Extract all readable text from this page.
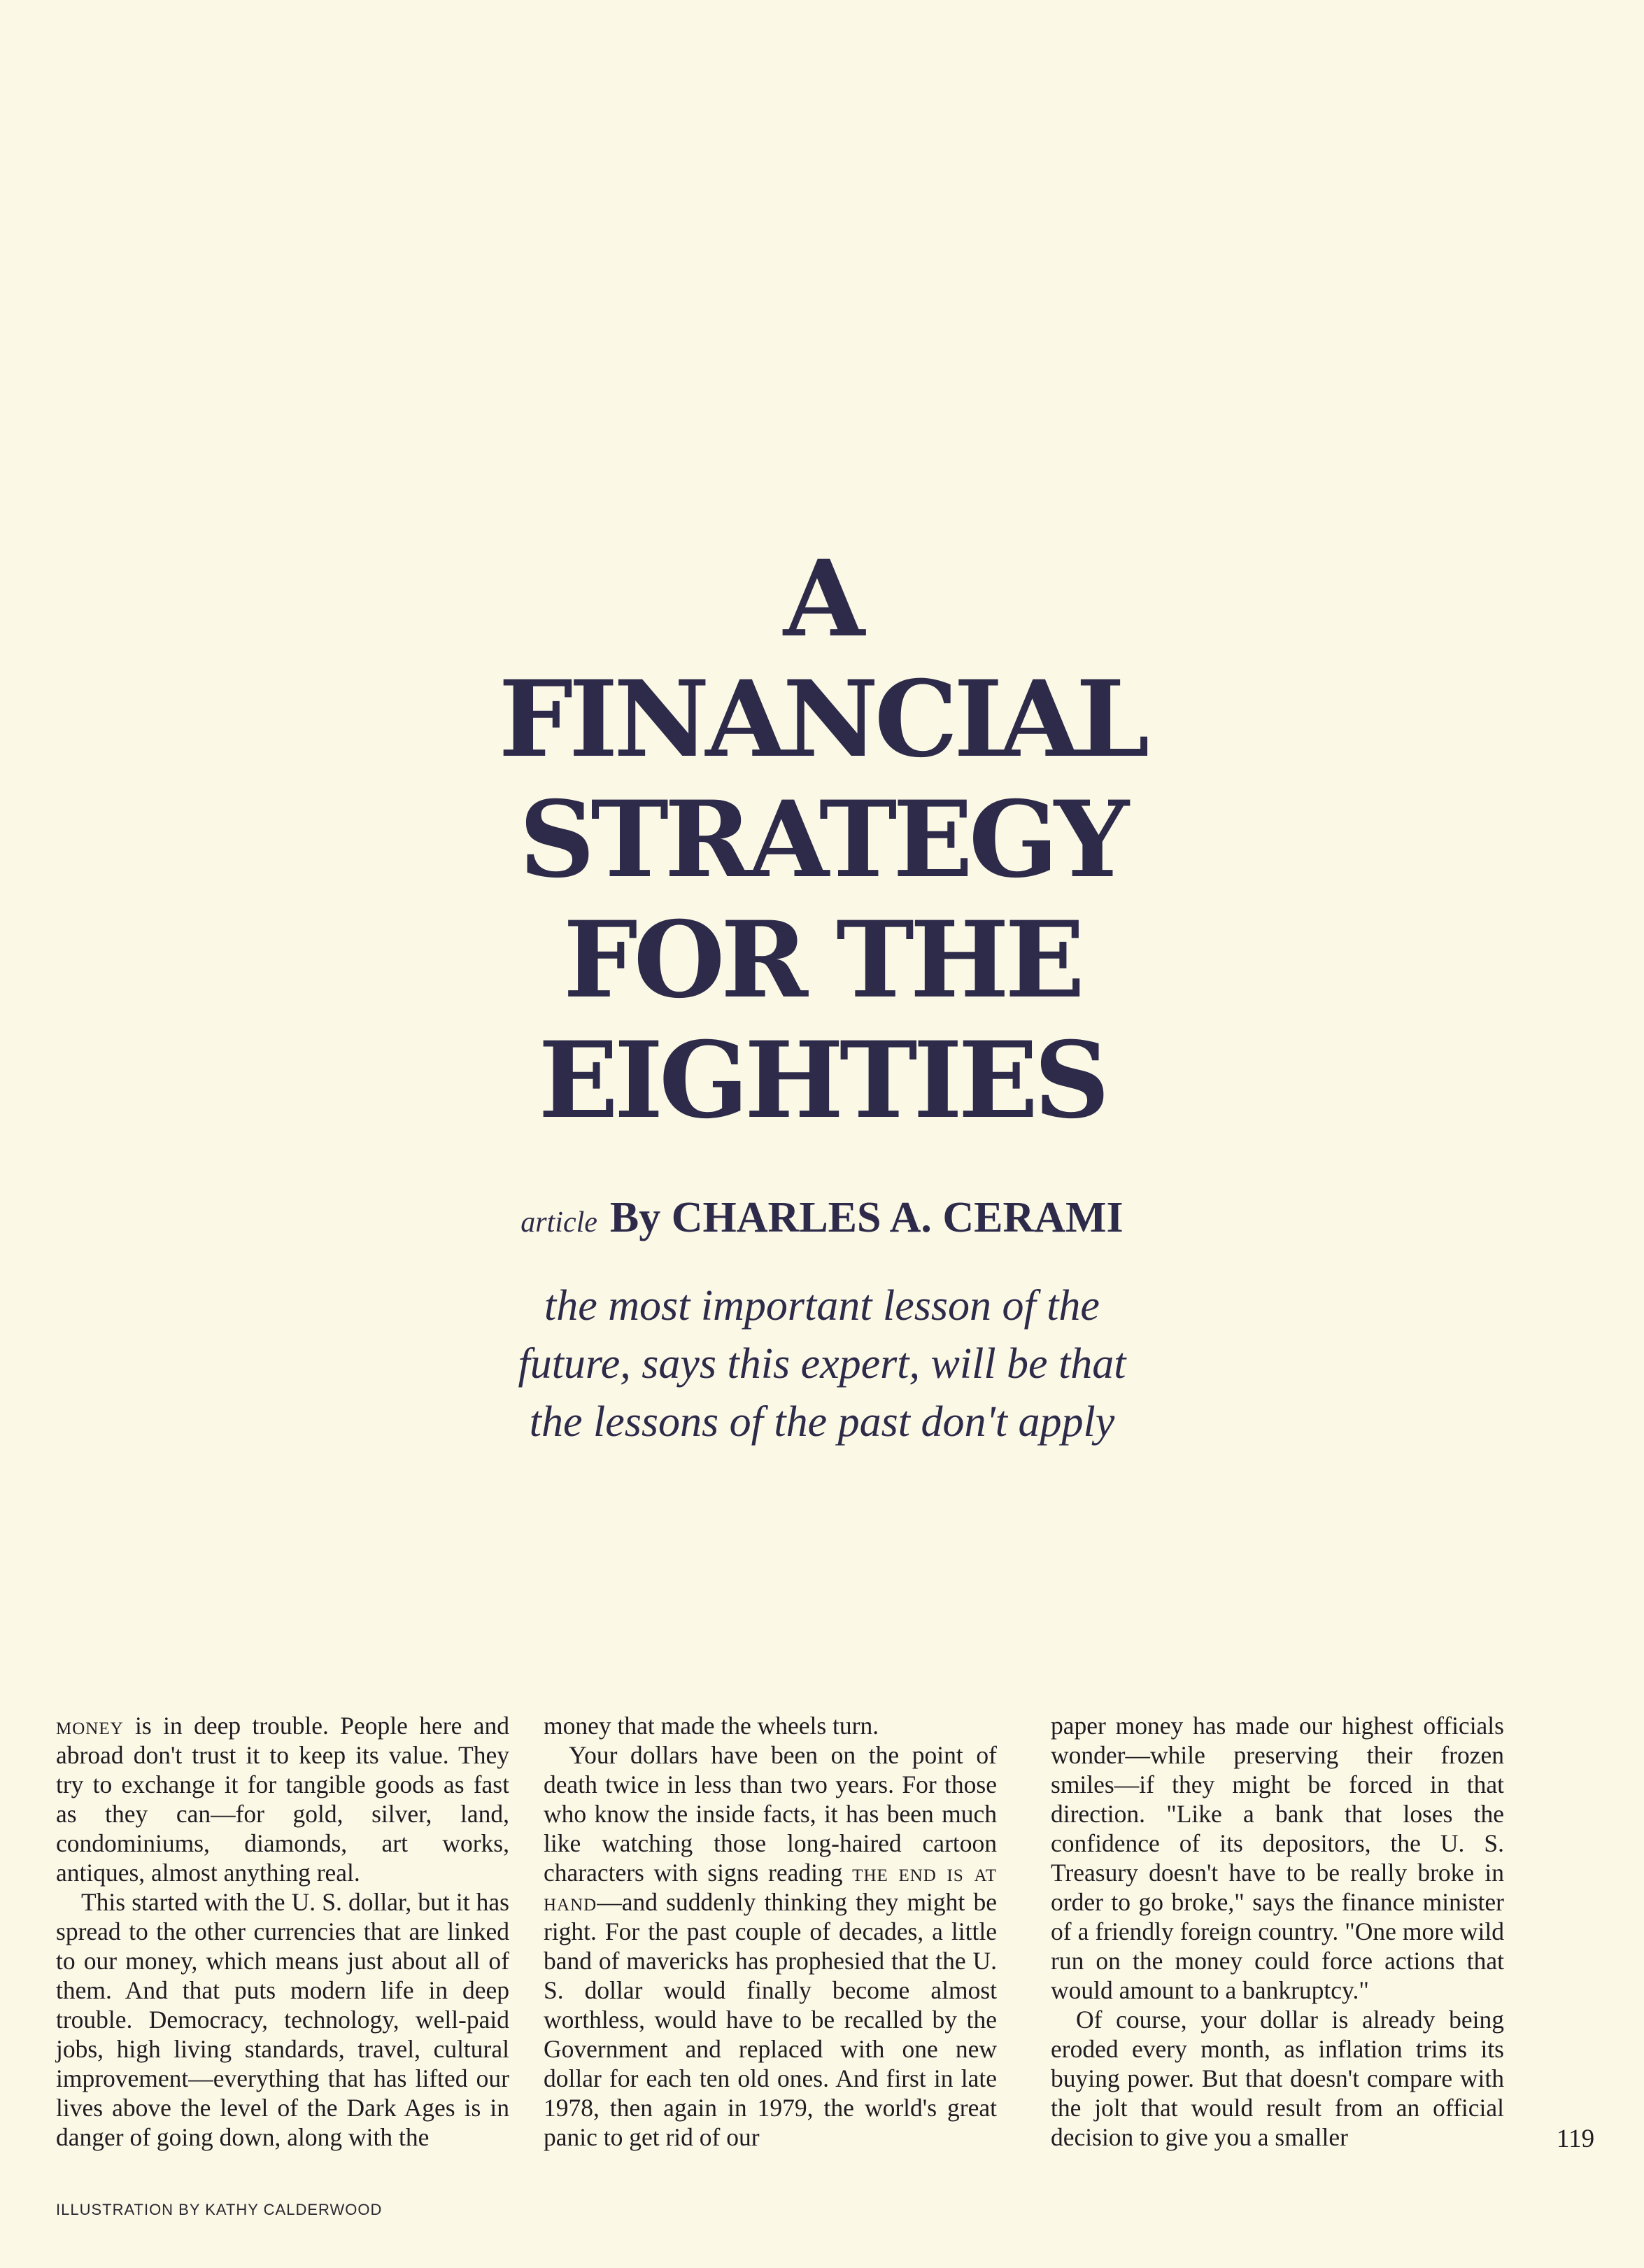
A
FINANCIAL
STRATEGY
FOR THE
EIGHTIES
article By CHARLES A. CERAMI
the most important lesson of the
future, says this expert, will be that
the lessons of the past don't apply

money is in deep trouble. People here and abroad don't trust it to keep its value. They try to exchange it for tangible goods as fast as they can—for gold, silver, land, condominiums, diamonds, art works, antiques, almost anything real.

This started with the U. S. dollar, but it has spread to the other currencies that are linked to our money, which means just about all of them. And that puts modern life in deep trouble. Democracy, technology, well-paid jobs, high living standards, travel, cultural improvement—everything that has lifted our lives above the level of the Dark Ages is in danger of going down, along with the

money that made the wheels turn.

Your dollars have been on the point of death twice in less than two years. For those who know the inside facts, it has been much like watching those long-haired cartoon characters with signs reading the end is at hand—and suddenly thinking they might be right. For the past couple of decades, a little band of mavericks has prophesied that the U. S. dollar would finally become almost worthless, would have to be recalled by the Government and replaced with one new dollar for each ten old ones. And first in late 1978, then again in 1979, the world's great panic to get rid of our

paper money has made our highest officials wonder—while preserving their frozen smiles—if they might be forced in that direction. "Like a bank that loses the confidence of its depositors, the U. S. Treasury doesn't have to be really broke in order to go broke," says the finance minister of a friendly foreign country. "One more wild run on the money could force actions that would amount to a bankruptcy."

Of course, your dollar is already being eroded every month, as inflation trims its buying power. But that doesn't compare with the jolt that would result from an official decision to give you a smaller	119
ILLUSTRATION BY KATHY CALDERWOOD
